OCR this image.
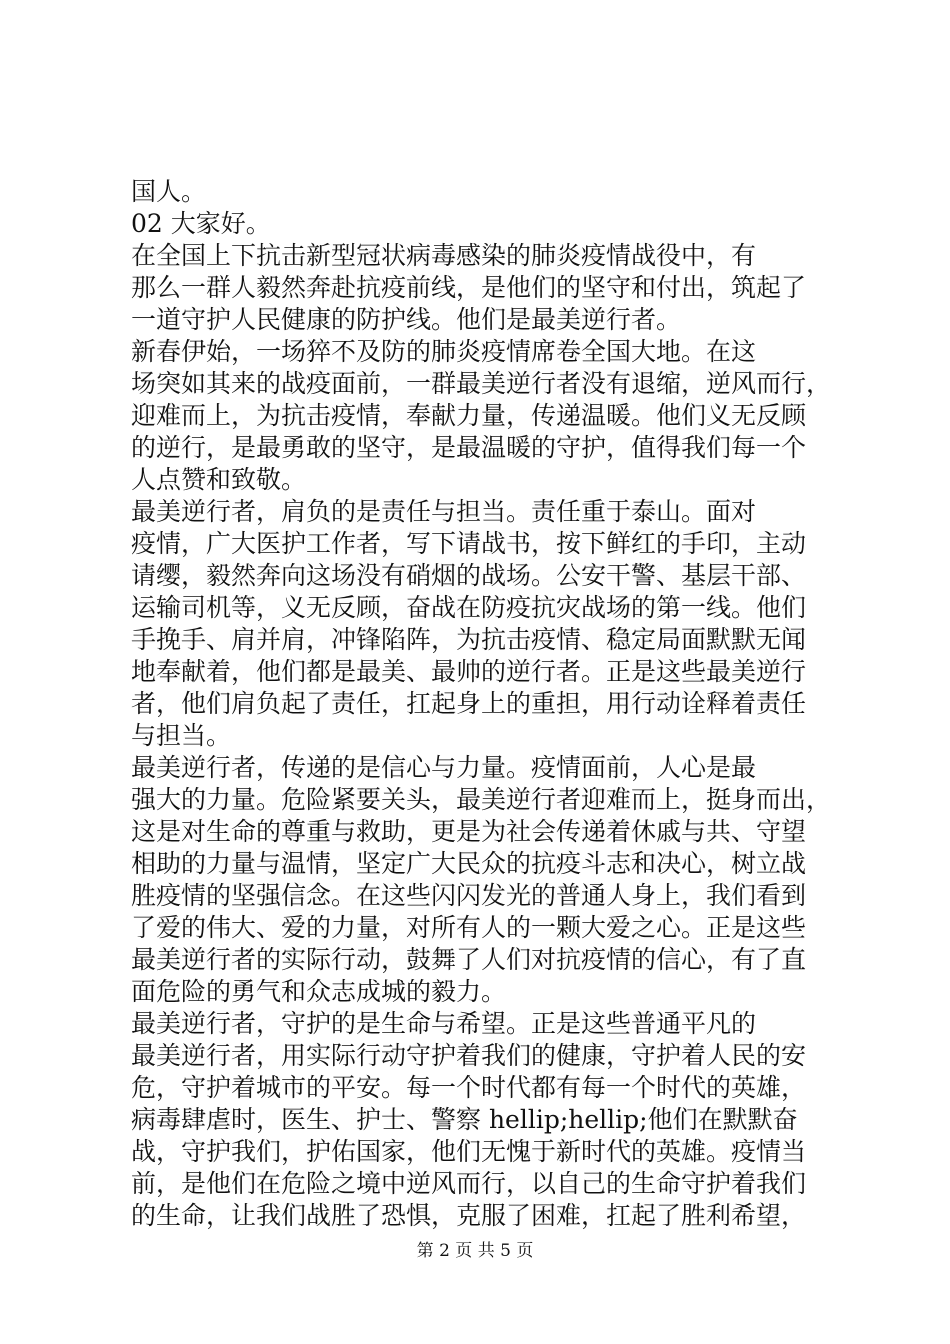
国人。
02 大家好。
在全国上下抗击新型冠状病毒感染的肺炎疫情战役中，有
那么一群人毅然奔赴抗疫前线，是他们的坚守和付出，筑起了
一道守护人民健康的防护线。他们是最美逆行者。
新春伊始，一场猝不及防的肺炎疫情席卷全国大地。在这
场突如其来的战疫面前，一群最美逆行者没有退缩，逆风而行，
迎难而上，为抗击疫情，奉献力量，传递温暖。他们义无反顾
的逆行，是最勇敢的坚守，是最温暖的守护，值得我们每一个
人点赞和致敬。
最美逆行者，肩负的是责任与担当。责任重于泰山。面对
疫情，广大医护工作者，写下请战书，按下鲜红的手印，主动
请缨，毅然奔向这场没有硝烟的战场。公安干警、基层干部、
运输司机等，义无反顾，奋战在防疫抗灾战场的第一线。他们
手挽手、肩并肩，冲锋陷阵，为抗击疫情、稳定局面默默无闻
地奉献着，他们都是最美、最帅的逆行者。正是这些最美逆行
者，他们肩负起了责任，扛起身上的重担，用行动诠释着责任
与担当。
最美逆行者，传递的是信心与力量。疫情面前，人心是最
强大的力量。危险紧要关头，最美逆行者迎难而上，挺身而出，
这是对生命的尊重与救助，更是为社会传递着休戚与共、守望
相助的力量与温情，坚定广大民众的抗疫斗志和决心，树立战
胜疫情的坚强信念。在这些闪闪发光的普通人身上，我们看到
了爱的伟大、爱的力量，对所有人的一颗大爱之心。正是这些
最美逆行者的实际行动，鼓舞了人们对抗疫情的信心，有了直
面危险的勇气和众志成城的毅力。
最美逆行者，守护的是生命与希望。正是这些普通平凡的
最美逆行者，用实际行动守护着我们的健康，守护着人民的安
危，守护着城市的平安。每一个时代都有每一个时代的英雄，
病毒肆虐时，医生、护士、警察 hellip;hellip;他们在默默奋
战，守护我们，护佑国家，他们无愧于新时代的英雄。疫情当
前，是他们在危险之境中逆风而行，以自己的生命守护着我们
的生命，让我们战胜了恐惧，克服了困难，扛起了胜利希望，
第 2 页 共 5 页
